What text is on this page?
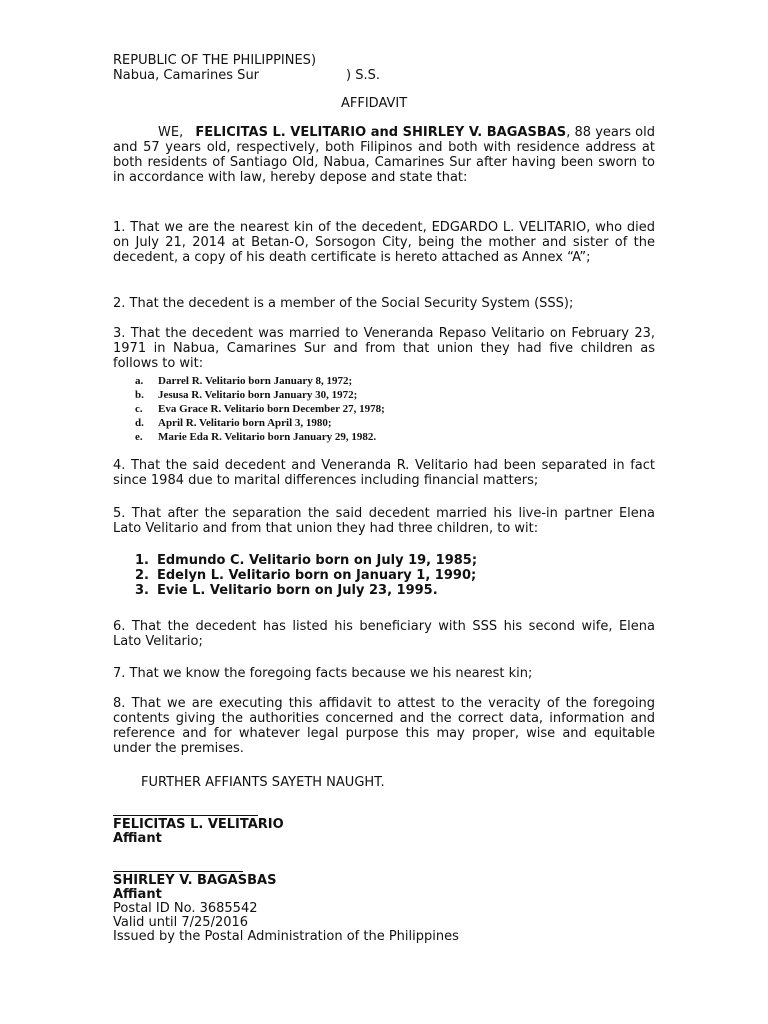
REPUBLIC OF THE PHILIPPINES)
Nabua, Camarines Sur	) S.S.
AFFIDAVIT
WE, FELICITAS L. VELITARIO and SHIRLEY V. BAGASBAS, 88 years old and 57 years old, respectively, both Filipinos and both with residence address at both residents of Santiago Old, Nabua, Camarines Sur after having been sworn to in accordance with law, hereby depose and state that:
1. That we are the nearest kin of the decedent, EDGARDO L. VELITARIO, who died on July 21, 2014 at Betan-O, Sorsogon City, being the mother and sister of the decedent, a copy of his death certificate is hereto attached as Annex “A”;
2. That the decedent is a member of the Social Security System (SSS);
3. That the decedent was married to Veneranda Repaso Velitario on February 23, 1971 in Nabua, Camarines Sur and from that union they had five children as follows to wit:
a. Darrel R. Velitario born January 8, 1972;
b. Jesusa R. Velitario born January 30, 1972;
c. Eva Grace R. Velitario born December 27, 1978;
d. April R. Velitario born April 3, 1980;
e. Marie Eda R. Velitario born January 29, 1982.
4. That the said decedent and Veneranda R. Velitario had been separated in fact since 1984 due to marital differences including financial matters;
5. That after the separation the said decedent married his live-in partner Elena Lato Velitario and from that union they had three children, to wit:
1. Edmundo C. Velitario born on July 19, 1985;
2. Edelyn L. Velitario born on January 1, 1990;
3. Evie L. Velitario born on July 23, 1995.
6. That the decedent has listed his beneficiary with SSS his second wife, Elena Lato Velitario;
7. That we know the foregoing facts because we his nearest kin;
8. That we are executing this affidavit to attest to the veracity of the foregoing contents giving the authorities concerned and the correct data, information and reference and for whatever legal purpose this may proper, wise and equitable under the premises.
FURTHER AFFIANTS SAYETH NAUGHT.
FELICITAS L. VELITARIO
Affiant
SHIRLEY V. BAGASBAS
Affiant
Postal ID No. 3685542
Valid until 7/25/2016
Issued by the Postal Administration of the Philippines
